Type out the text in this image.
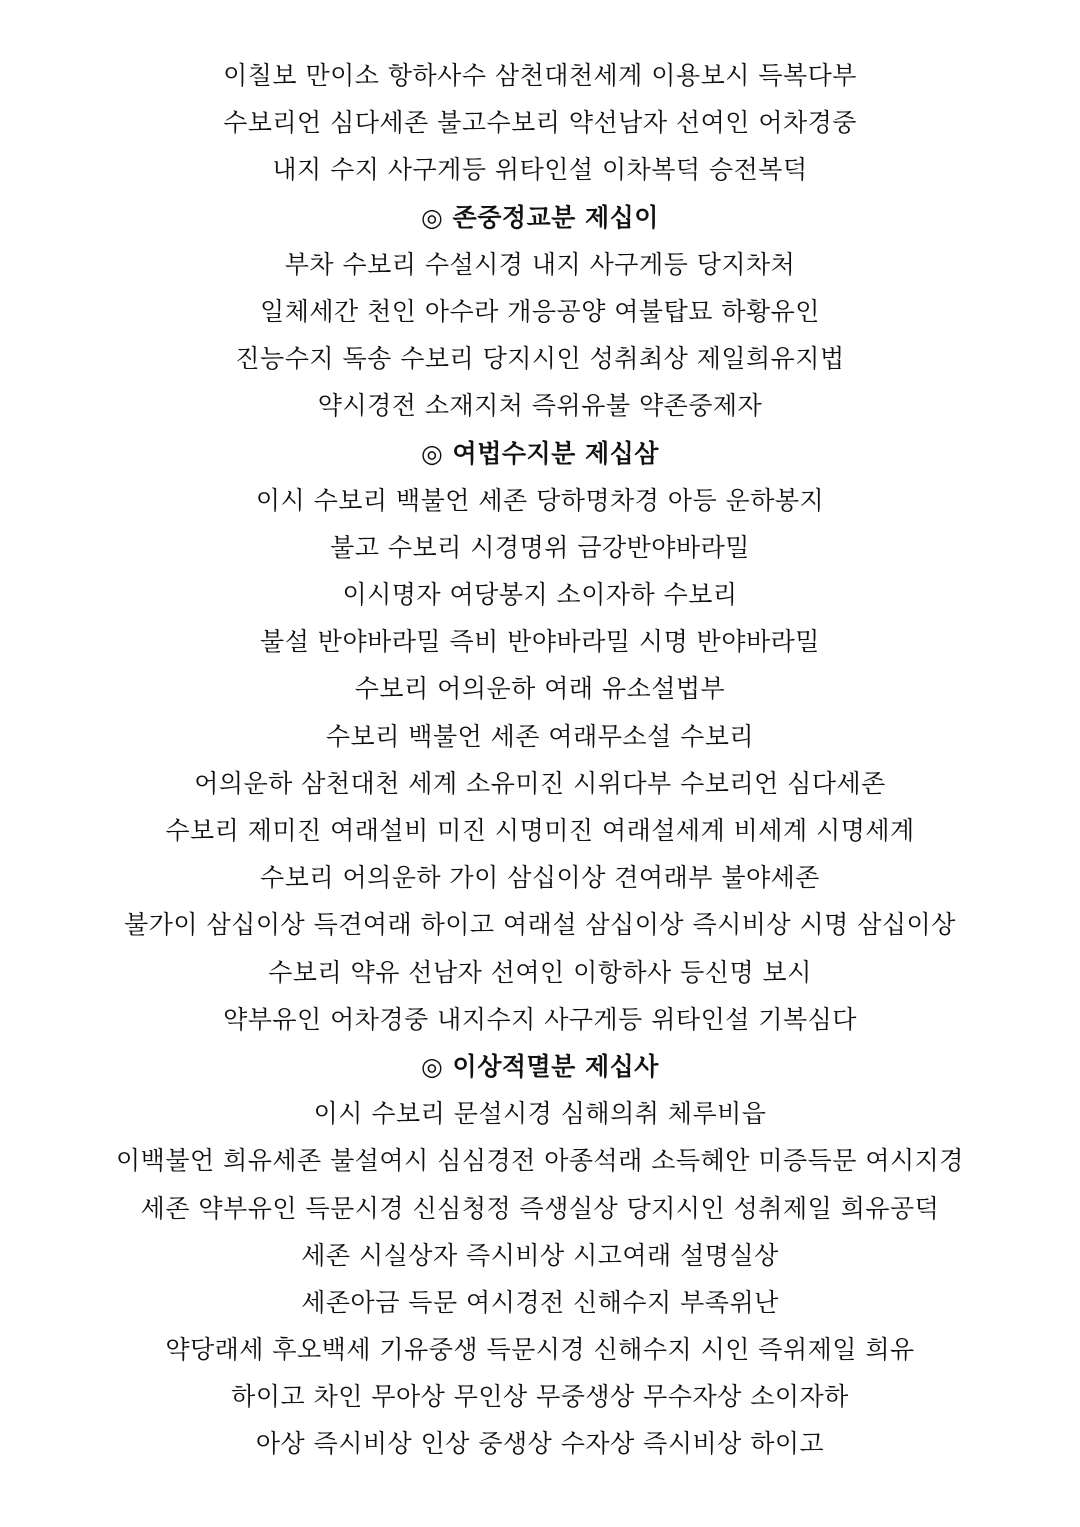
이칠보 만이소 항하사수 삼천대천세계 이용보시 득복다부
수보리언 심다세존 불고수보리 약선남자 선여인 어차경중
내지 수지 사구게등 위타인설 이차복덕 승전복덕
◎ 존중정교분 제십이
부차 수보리 수설시경 내지 사구게등 당지차처
일체세간 천인 아수라 개응공양 여불탑묘 하황유인
진능수지 독송 수보리 당지시인 성취최상 제일희유지법
약시경전 소재지처 즉위유불 약존중제자
◎ 여법수지분 제십삼
이시 수보리 백불언 세존 당하명차경 아등 운하봉지
불고 수보리 시경명위 금강반야바라밀
이시명자 여당봉지 소이자하 수보리
불설 반야바라밀 즉비 반야바라밀 시명 반야바라밀
수보리 어의운하 여래 유소설법부
수보리 백불언 세존 여래무소설 수보리
어의운하 삼천대천 세계 소유미진 시위다부 수보리언 심다세존
수보리 제미진 여래설비 미진 시명미진 여래설세계 비세계 시명세계
수보리 어의운하 가이 삼십이상 견여래부 불야세존
불가이 삼십이상 득견여래 하이고 여래설 삼십이상 즉시비상 시명 삼십이상
수보리 약유 선남자 선여인 이항하사 등신명 보시
약부유인 어차경중 내지수지 사구게등 위타인설 기복심다
◎ 이상적멸분 제십사
이시 수보리 문설시경 심해의취 체루비읍
이백불언 희유세존 불설여시 심심경전 아종석래 소득혜안 미증득문 여시지경
세존 약부유인 득문시경 신심청정 즉생실상 당지시인 성취제일 희유공덕
세존 시실상자 즉시비상 시고여래 설명실상
세존아금 득문 여시경전 신해수지 부족위난
약당래세 후오백세 기유중생 득문시경 신해수지 시인 즉위제일 희유
하이고 차인 무아상 무인상 무중생상 무수자상 소이자하
아상 즉시비상 인상 중생상 수자상 즉시비상 하이고
